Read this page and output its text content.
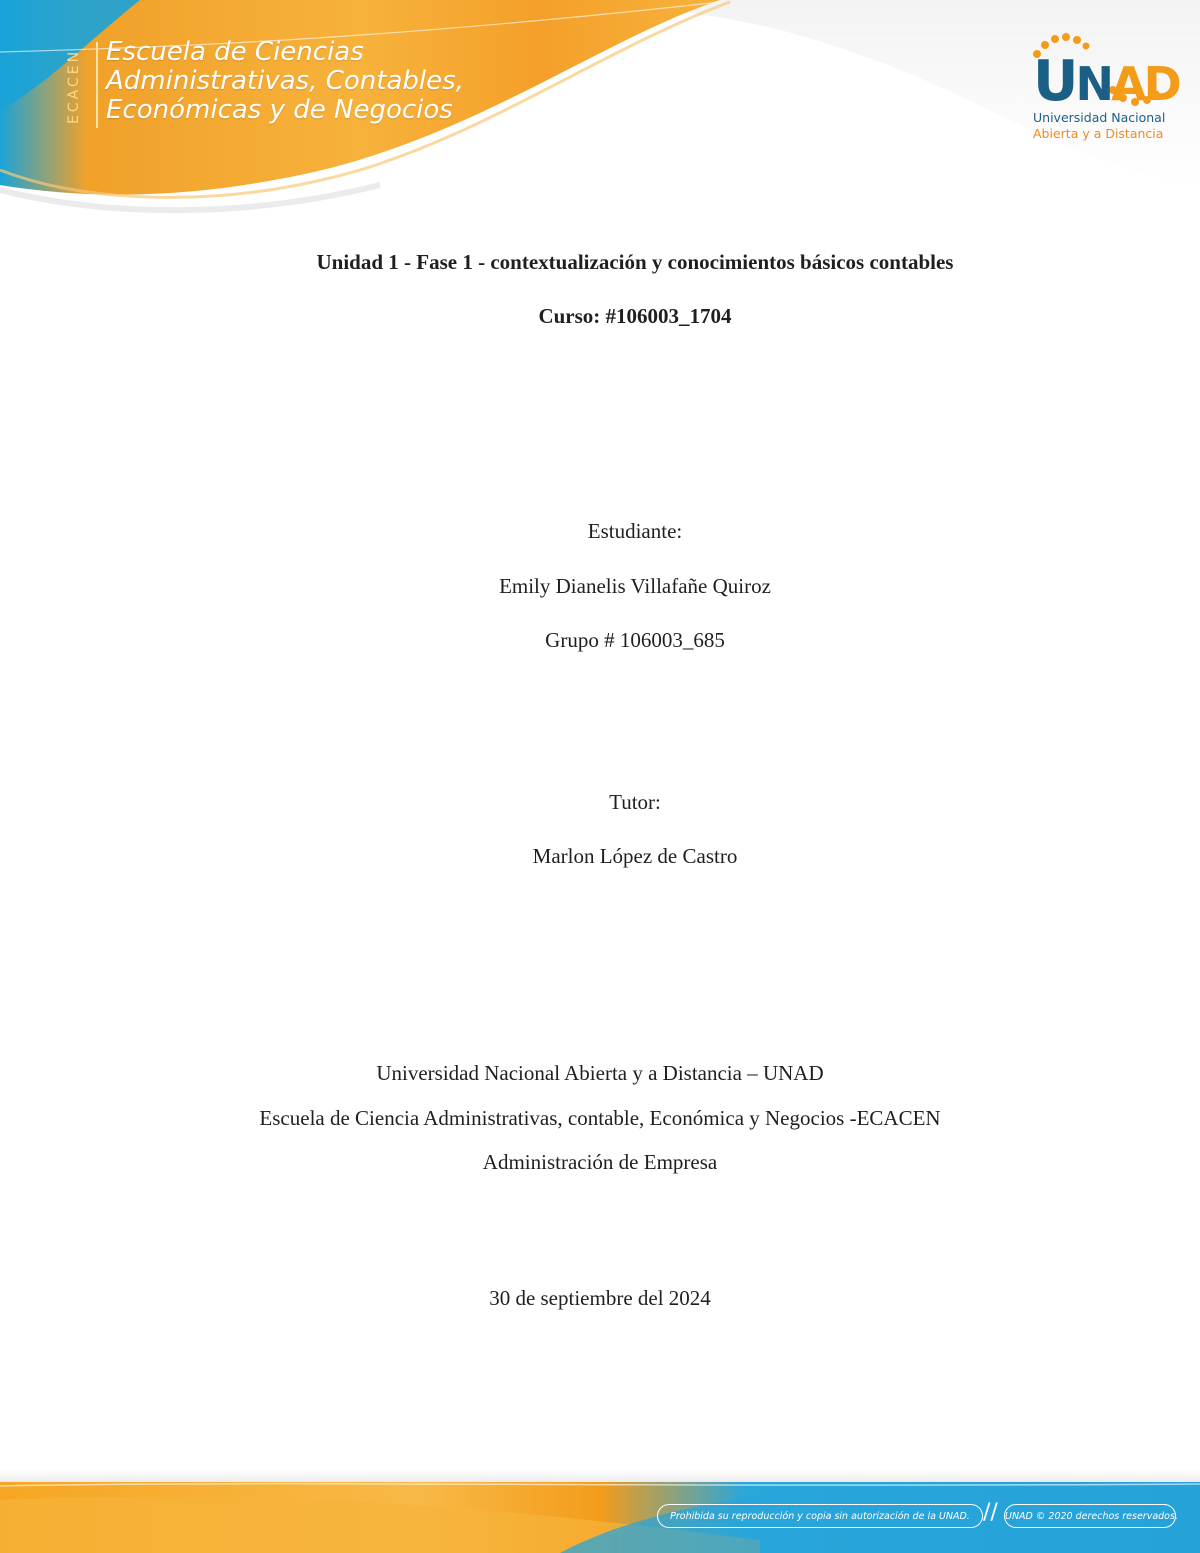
ECACEN Escuela de Ciencias
Administrativas, Contables,
Económicas y de Negocios	UNAD
Universidad Nacional
Abierta y a Distancia
Unidad 1 - Fase 1 - contextualización y conocimientos básicos contables
Curso: #106003_1704
Estudiante:
Emily Dianelis Villafañe Quiroz
Grupo # 106003_685
Tutor:
Marlon López de Castro
Universidad Nacional Abierta y a Distancia – UNAD
Escuela de Ciencia Administrativas, contable, Económica y Negocios -ECACEN
Administración de Empresa
30 de septiembre del 2024
Prohibida su reproducción y copia sin autorización de la UNAD. // UNAD © 2020 derechos reservados.
